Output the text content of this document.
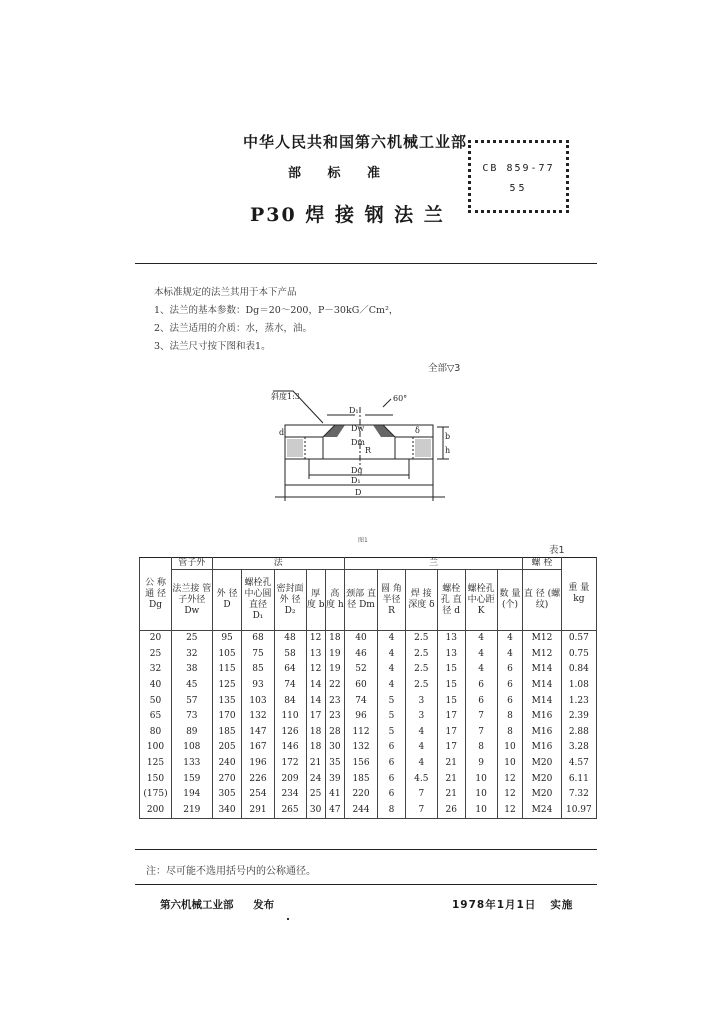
中华人民共和国第六机械工业部
部 标 准
P30 焊 接 钢 法 兰
CB 859-77
55
本标准规定的法兰其用于本下产品
1、法兰的基本参数：Dg＝20～200，P－30kG／Cm²，
2、法兰适用的介质：水，蒸水，油。
3、法兰尺寸按下图和表1。
全部▽3
斜度1:3	60°
D₁
Dw
Dm
d
R
δ
b
h
Dg
D₁
D
图1
表1
公 称 通 径 Dg	管子外	法					兰						螺 栓	重 量 kg
	法兰接 管子外径 Dw	外 径 D	螺栓孔 中心圆 直径 D₁	密封面 外 径 D₂	厚 度 b	高 度 h	颈部 直径 Dm	圆 角 半径 R	焊 接 深度 δ	螺栓孔 直 径 d	螺栓孔 中心距 K	数 量 (个)	直 径 (螺纹)	
20	25	95	68	48	12	18	40	4	2.5	13	4	4	M12	0.57
25	32	105	75	58	13	19	46	4	2.5	13	4	4	M12	0.75
32	38	115	85	64	12	19	52	4	2.5	15	4	6	M14	0.84
40	45	125	93	74	14	22	60	4	2.5	15	6	6	M14	1.08
50	57	135	103	84	14	23	74	5	3	15	6	6	M14	1.23
65	73	170	132	110	17	23	96	5	3	17	7	8	M16	2.39
80	89	185	147	126	18	28	112	5	4	17	7	8	M16	2.88
100	108	205	167	146	18	30	132	6	4	17	8	10	M16	3.28
125	133	240	196	172	21	35	156	6	4	21	9	10	M20	4.57
150	159	270	226	209	24	39	185	6	4.5	21	10	12	M20	6.11
(175)	194	305	254	234	25	41	220	6	7	21	10	12	M20	7.32
200	219	340	291	265	30	47	244	8	7	26	10	12	M24	10.97
注：尽可能不选用括号内的公称通径。
第六机械工业部 发布	1978年1月1日 实施
